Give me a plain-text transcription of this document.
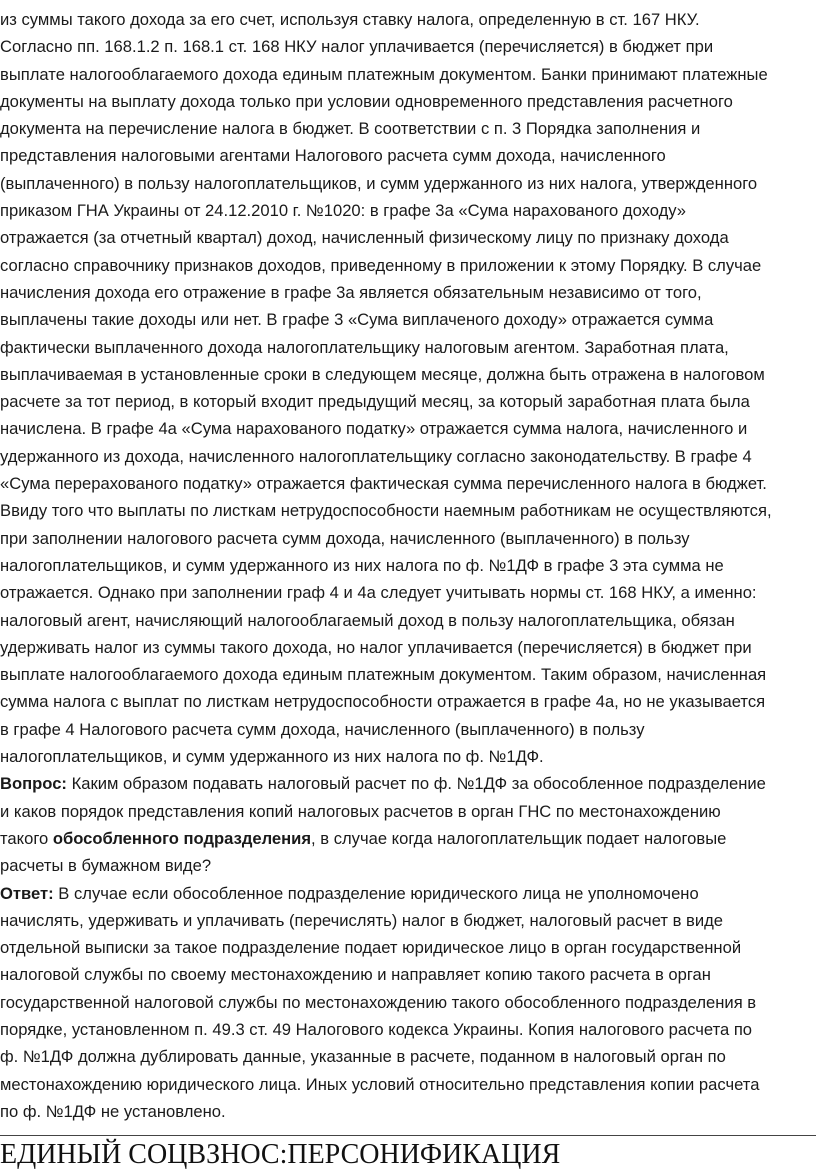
из суммы такого дохода за его счет, используя ставку налога, определенную в ст. 167 НКУ.
Согласно пп. 168.1.2 п. 168.1 ст. 168 НКУ налог уплачивается (перечисляется) в бюджет при
выплате налогооблагаемого дохода единым платежным документом. Банки принимают платежные
документы на выплату дохода только при условии одновременного представления расчетного
документа на перечисление налога в бюджет. В соответствии с п. 3 Порядка заполнения и
представления налоговыми агентами Налогового расчета сумм дохода, начисленного
(выплаченного) в пользу налогоплательщиков, и сумм удержанного из них налога, утвержденного
приказом ГНА Украины от 24.12.2010 г. №1020: в графе 3а «Сума нарахованого доходу»
отражается (за отчетный квартал) доход, начисленный физическому лицу по признаку дохода
согласно справочнику признаков доходов, приведенному в приложении к этому Порядку. В случае
начисления дохода его отражение в графе 3а является обязательным независимо от того,
выплачены такие доходы или нет. В графе 3 «Сума виплаченого доходу» отражается сумма
фактически выплаченного дохода налогоплательщику налоговым агентом. Заработная плата,
выплачиваемая в установленные сроки в следующем месяце, должна быть отражена в налоговом
расчете за тот период, в который входит предыдущий месяц, за который заработная плата была
начислена. В графе 4а «Сума нарахованого податку» отражается сумма налога, начисленного и
удержанного из дохода, начисленного налогоплательщику согласно законодательству. В графе 4
«Сума перерахованого податку» отражается фактическая сумма перечисленного налога в бюджет.
Ввиду того что выплаты по листкам нетрудоспособности наемным работникам не осуществляются,
при заполнении налогового расчета сумм дохода, начисленного (выплаченного) в пользу
налогоплательщиков, и сумм удержанного из них налога по ф. №1ДФ в графе 3 эта сумма не
отражается. Однако при заполнении граф 4 и 4а следует учитывать нормы ст. 168 НКУ, а именно:
налоговый агент, начисляющий налогооблагаемый доход в пользу налогоплательщика, обязан
удерживать налог из суммы такого дохода, но налог уплачивается (перечисляется) в бюджет при
выплате налогооблагаемого дохода единым платежным документом. Таким образом, начисленная
сумма налога с выплат по листкам нетрудоспособности отражается в графе 4а, но не указывается
в графе 4 Налогового расчета сумм дохода, начисленного (выплаченного) в пользу
налогоплательщиков, и сумм удержанного из них налога по ф. №1ДФ.
Вопрос: Каким образом подавать налоговый расчет по ф. №1ДФ за обособленное подразделение
и каков порядок представления копий налоговых расчетов в орган ГНС по местонахождению
такого обособленного подразделения, в случае когда налогоплательщик подает налоговые
расчеты в бумажном виде?
Ответ: В случае если обособленное подразделение юридического лица не уполномочено
начислять, удерживать и уплачивать (перечислять) налог в бюджет, налоговый расчет в виде
отдельной выписки за такое подразделение подает юридическое лицо в орган государственной
налоговой службы по своему местонахождению и направляет копию такого расчета в орган
государственной налоговой службы по местонахождению такого обособленного подразделения в
порядке, установленном п. 49.3 ст. 49 Налогового кодекса Украины. Копия налогового расчета по
ф. №1ДФ должна дублировать данные, указанные в расчете, поданном в налоговый орган по
местонахождению юридического лица. Иных условий относительно представления копии расчета
по ф. №1ДФ не установлено.
ЕДИНЫЙ СОЦВЗНОС:ПЕРСОНИФИКАЦИЯ
